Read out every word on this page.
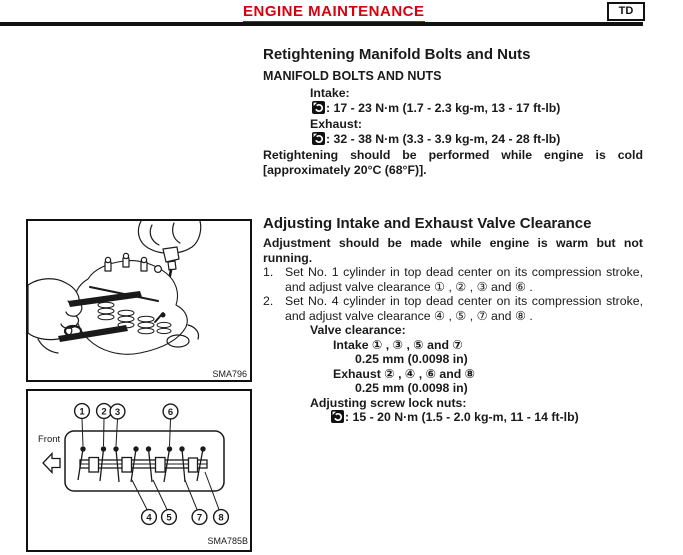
ENGINE MAINTENANCE	TD
Retightening Manifold Bolts and Nuts
MANIFOLD BOLTS AND NUTS
Intake:
: 17 - 23 N·m (1.7 - 2.3 kg-m, 13 - 17 ft-lb)
Exhaust:
: 32 - 38 N·m (3.3 - 3.9 kg-m, 24 - 28 ft-lb)
Retightening should be performed while engine is cold
[approximately 20°C (68°F)].
Adjusting Intake and Exhaust Valve Clearance
Adjustment should be made while engine is warm but not
running.
1. Set No. 1 cylinder in top dead center on its compression stroke,
and adjust valve clearance ① , ② , ③ and ⑥ .
2. Set No. 4 cylinder in top dead center on its compression stroke,
and adjust valve clearance ④ , ⑤ , ⑦ and ⑧ .
Valve clearance:
Intake ① , ③ , ⑤ and ⑦
0.25 mm (0.0098 in)
Exhaust ② , ④ , ⑥ and ⑧
0.25 mm (0.0098 in)
Adjusting screw lock nuts:
: 15 - 20 N·m (1.5 - 2.0 kg-m, 11 - 14 ft-lb)
SMA796
1 2 3	6
4 5	7 8
Front
SMA785B
